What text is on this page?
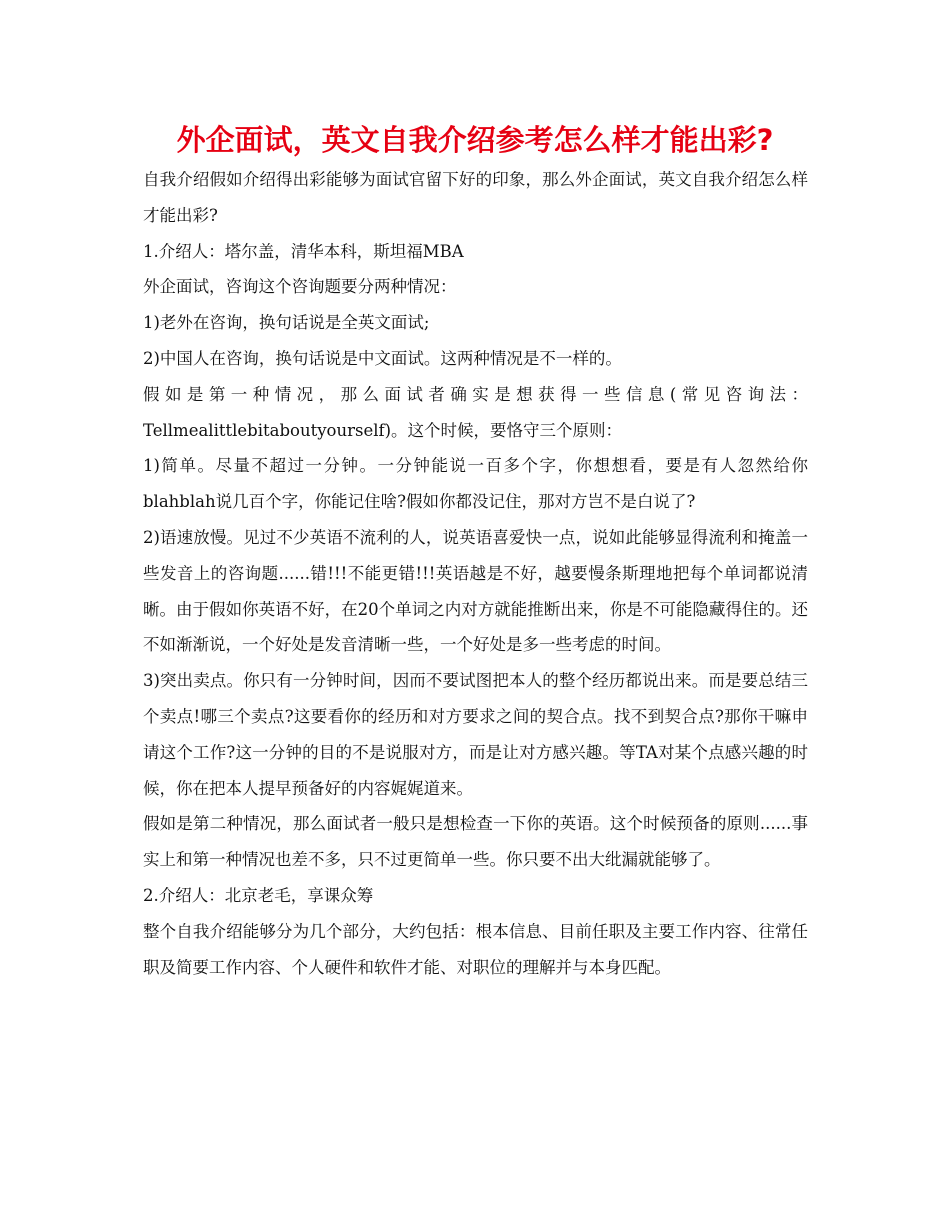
外企面试，英文自我介绍参考怎么样才能出彩?

自我介绍假如介绍得出彩能够为面试官留下好的印象，那么外企面试，英文自我介绍怎么样才能出彩?

1.介绍人：塔尔盖，清华本科，斯坦福MBA

外企面试，咨询这个咨询题要分两种情况：

1)老外在咨询，换句话说是全英文面试;

2)中国人在咨询，换句话说是中文面试。这两种情况是不一样的。

假如是第一种情况，那么面试者确实是想获得一些信息(常见咨询法：Tellmealittlebitaboutyourself)。这个时候，要恪守三个原则：

1)简单。尽量不超过一分钟。一分钟能说一百多个字，你想想看，要是有人忽然给你blahblah说几百个字，你能记住啥?假如你都没记住，那对方岂不是白说了?

2)语速放慢。见过不少英语不流利的人，说英语喜爱快一点，说如此能够显得流利和掩盖一些发音上的咨询题......错!!!不能更错!!!英语越是不好，越要慢条斯理地把每个单词都说清晰。由于假如你英语不好，在20个单词之内对方就能推断出来，你是不可能隐藏得住的。还不如渐渐说，一个好处是发音清晰一些，一个好处是多一些考虑的时间。

3)突出卖点。你只有一分钟时间，因而不要试图把本人的整个经历都说出来。而是要总结三个卖点!哪三个卖点?这要看你的经历和对方要求之间的契合点。找不到契合点?那你干嘛申请这个工作?这一分钟的目的不是说服对方，而是让对方感兴趣。等TA对某个点感兴趣的时候，你在把本人提早预备好的内容娓娓道来。

假如是第二种情况，那么面试者一般只是想检查一下你的英语。这个时候预备的原则......事实上和第一种情况也差不多，只不过更简单一些。你只要不出大纰漏就能够了。

2.介绍人：北京老毛，享课众筹

整个自我介绍能够分为几个部分，大约包括：根本信息、目前任职及主要工作内容、往常任职及简要工作内容、个人硬件和软件才能、对职位的理解并与本身匹配。
